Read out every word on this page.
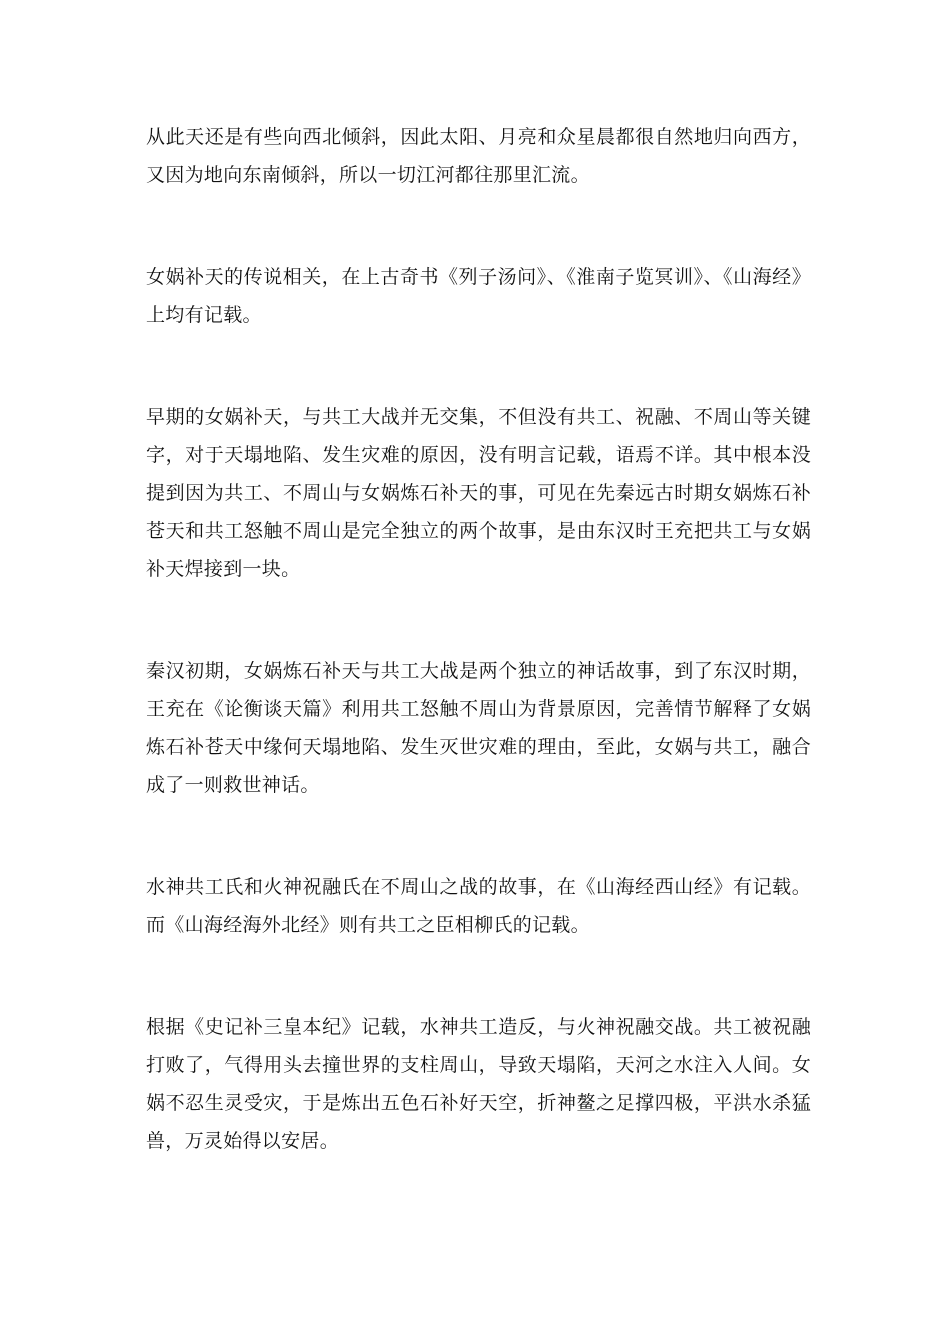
从此天还是有些向西北倾斜，因此太阳、月亮和众星晨都很自然地归向西方，又因为地向东南倾斜，所以一切江河都往那里汇流。

女娲补天的传说相关，在上古奇书《列子汤问》、《淮南子览冥训》、《山海经》上均有记载。

早期的女娲补天，与共工大战并无交集，不但没有共工、祝融、不周山等关键字，对于天塌地陷、发生灾难的原因，没有明言记载，语焉不详。其中根本没提到因为共工、不周山与女娲炼石补天的事，可见在先秦远古时期女娲炼石补苍天和共工怒触不周山是完全独立的两个故事，是由东汉时王充把共工与女娲补天焊接到一块。

秦汉初期，女娲炼石补天与共工大战是两个独立的神话故事，到了东汉时期，王充在《论衡谈天篇》利用共工怒触不周山为背景原因，完善情节解释了女娲炼石补苍天中缘何天塌地陷、发生灭世灾难的理由，至此，女娲与共工，融合成了一则救世神话。

水神共工氏和火神祝融氏在不周山之战的故事，在《山海经西山经》有记载。而《山海经海外北经》则有共工之臣相柳氏的记载。

根据《史记补三皇本纪》记载，水神共工造反，与火神祝融交战。共工被祝融打败了，气得用头去撞世界的支柱周山，导致天塌陷，天河之水注入人间。女娲不忍生灵受灾，于是炼出五色石补好天空，折神鳌之足撑四极，平洪水杀猛兽，万灵始得以安居。
